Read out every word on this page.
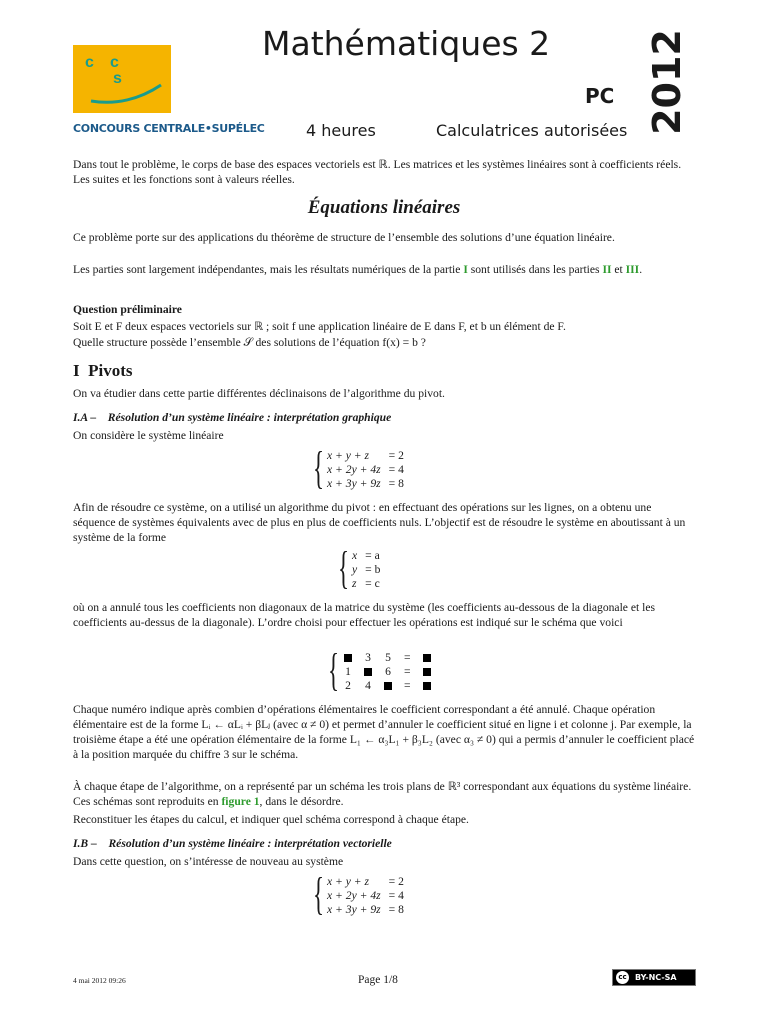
c c
s
CONCOURS CENTRALE•SUPÉLEC
Mathématiques 2
PC 2012
4 heures	Calculatrices autorisées
Dans tout le problème, le corps de base des espaces vectoriels est ℝ. Les matrices et les systèmes linéaires sont à coefficients réels. Les suites et les fonctions sont à valeurs réelles.
Équations linéaires
Ce problème porte sur des applications du théorème de structure de l’ensemble des solutions d’une équation linéaire.
Les parties sont largement indépendantes, mais les résultats numériques de la partie I sont utilisés dans les parties II et III.
Question préliminaire
Soit E et F deux espaces vectoriels sur ℝ ; soit f une application linéaire de E dans F, et b un élément de F.
Quelle structure possède l’ensemble 𝒮 des solutions de l’équation f(x) = b ?
I Pivots
On va étudier dans cette partie différentes déclinaisons de l’algorithme du pivot.
I.A – Résolution d’un système linéaire : interprétation graphique
On considère le système linéaire
{ x + y + z	= 2
x + 2y + 4z	= 4
x + 3y + 9z	= 8
Afin de résoudre ce système, on a utilisé un algorithme du pivot : en effectuant des opérations sur les lignes, on a obtenu une séquence de systèmes équivalents avec de plus en plus de coefficients nuls. L’objectif est de résoudre le système en aboutissant à un système de la forme
{ x	= a
y	= b
z	= c
où on a annulé tous les coefficients non diagonaux de la matrice du système (les coefficients au-dessous de la diagonale et les coefficients au-dessus de la diagonale). L’ordre choisi pour effectuer les opérations est indiqué sur le schéma que voici
{
	3	5	=	
1		6	=	
2	4		=	
Chaque numéro indique après combien d’opérations élémentaires le coefficient correspondant a été annulé. Chaque opération élémentaire est de la forme Lᵢ ← αLᵢ + βLⱼ (avec α ≠ 0) et permet d’annuler le coefficient situé en ligne i et colonne j. Par exemple, la troisième étape a été une opération élémentaire de la forme L₁ ← α₃L₁ + β₃L₂ (avec α₃ ≠ 0) qui a permis d’annuler le coefficient placé à la position marquée du chiffre 3 sur le schéma.
À chaque étape de l’algorithme, on a représenté par un schéma les trois plans de ℝ³ correspondant aux équations du système linéaire. Ces schémas sont reproduits en figure 1, dans le désordre.
Reconstituer les étapes du calcul, et indiquer quel schéma correspond à chaque étape.
I.B – Résolution d’un système linéaire : interprétation vectorielle
Dans cette question, on s’intéresse de nouveau au système
{ x + y + z	= 2
x + 2y + 4z	= 4
x + 3y + 9z	= 8
4 mai 2012 09:26	Page 1/8	cc BY-NC-SA
